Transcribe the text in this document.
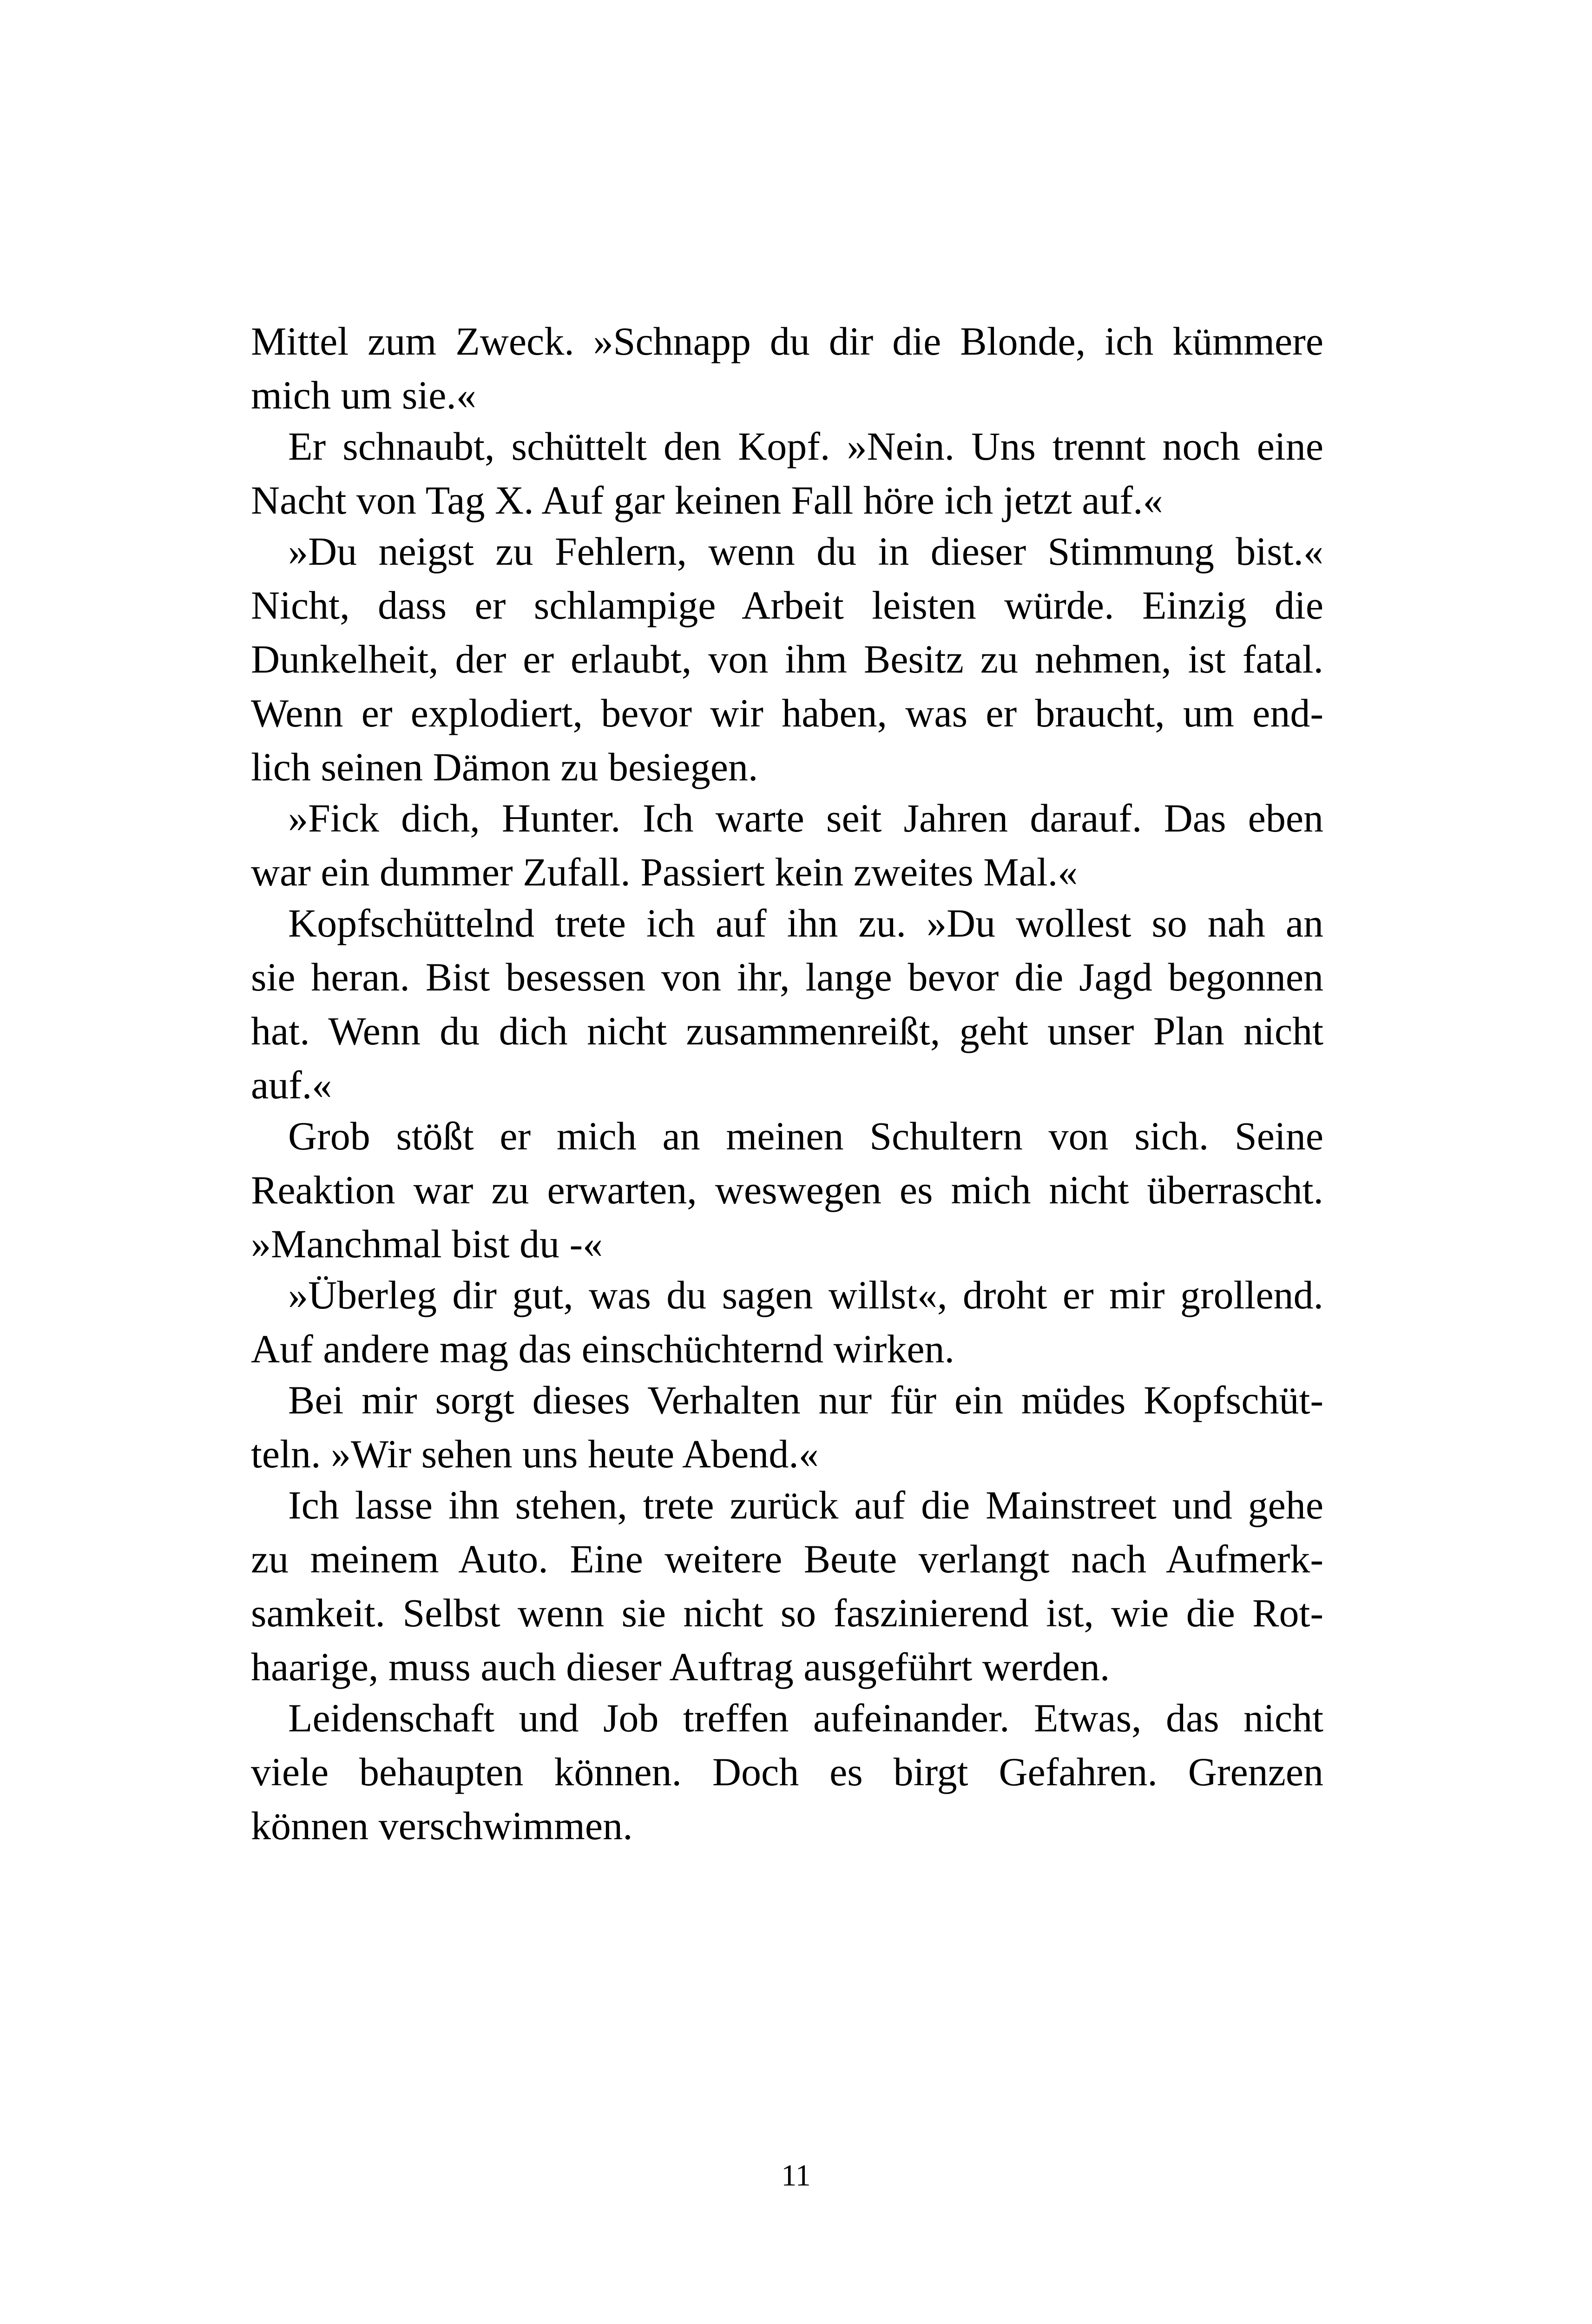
Mittel zum Zweck. »Schnapp du dir die Blonde, ich kümmere
mich um sie.«
Er schnaubt, schüttelt den Kopf. »Nein. Uns trennt noch eine
Nacht von Tag X. Auf gar keinen Fall höre ich jetzt auf.«
»Du neigst zu Fehlern, wenn du in dieser Stimmung bist.«
Nicht, dass er schlampige Arbeit leisten würde. Einzig die
Dunkelheit, der er erlaubt, von ihm Besitz zu nehmen, ist fatal.
Wenn er explodiert, bevor wir haben, was er braucht, um end-
lich seinen Dämon zu besiegen.
»Fick dich, Hunter. Ich warte seit Jahren darauf. Das eben
war ein dummer Zufall. Passiert kein zweites Mal.«
Kopfschüttelnd trete ich auf ihn zu. »Du wollest so nah an
sie heran. Bist besessen von ihr, lange bevor die Jagd begonnen
hat. Wenn du dich nicht zusammenreißt, geht unser Plan nicht
auf.«
Grob stößt er mich an meinen Schultern von sich. Seine
Reaktion war zu erwarten, weswegen es mich nicht überrascht.
»Manchmal bist du -«
»Überleg dir gut, was du sagen willst«, droht er mir grollend.
Auf andere mag das einschüchternd wirken.
Bei mir sorgt dieses Verhalten nur für ein müdes Kopfschüt-
teln. »Wir sehen uns heute Abend.«
Ich lasse ihn stehen, trete zurück auf die Mainstreet und gehe
zu meinem Auto. Eine weitere Beute verlangt nach Aufmerk-
samkeit. Selbst wenn sie nicht so faszinierend ist, wie die Rot-
haarige, muss auch dieser Auftrag ausgeführt werden.
Leidenschaft und Job treffen aufeinander. Etwas, das nicht
viele behaupten können. Doch es birgt Gefahren. Grenzen
können verschwimmen.
11
